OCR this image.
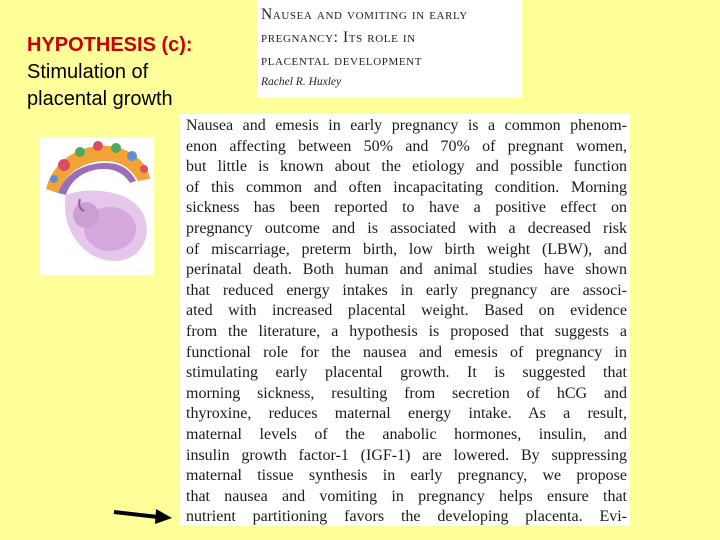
HYPOTHESIS (c):
Stimulation of
placental growth
Nausea and vomiting in early
pregnancy: Its role in
placental development
Rachel R. Huxley
Nausea and emesis in early pregnancy is a common phenom-
enon affecting between 50% and 70% of pregnant women,
but little is known about the etiology and possible function
of this common and often incapacitating condition. Morning
sickness has been reported to have a positive effect on
pregnancy outcome and is associated with a decreased risk
of miscarriage, preterm birth, low birth weight (LBW), and
perinatal death. Both human and animal studies have shown
that reduced energy intakes in early pregnancy are associ-
ated with increased placental weight. Based on evidence
from the literature, a hypothesis is proposed that suggests a
functional role for the nausea and emesis of pregnancy in
stimulating early placental growth. It is suggested that
morning sickness, resulting from secretion of hCG and
thyroxine, reduces maternal energy intake. As a result,
maternal levels of the anabolic hormones, insulin, and
insulin growth factor-1 (IGF-1) are lowered. By suppressing
maternal tissue synthesis in early pregnancy, we propose
that nausea and vomiting in pregnancy helps ensure that
nutrient partitioning favors the developing placenta. Evi-
